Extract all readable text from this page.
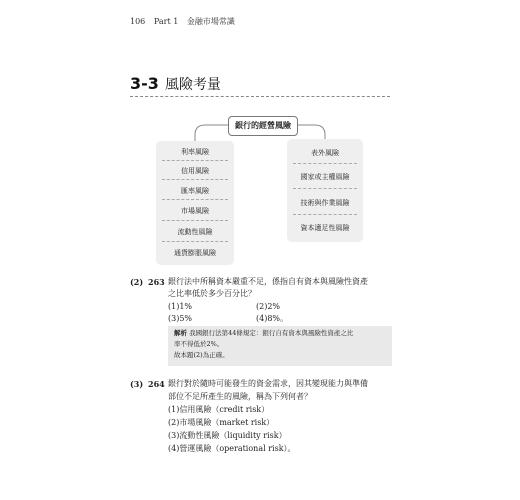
106 Part 1 金融市場常識
3-3 風險考量
銀行的經營風險
利率風險
信用風險
匯率風險
市場風險
流動性風險
通貨膨脹風險
表外風險
國家或主權風險
技術與作業風險
資本適足性風險
(2) 263 銀行法中所稱資本嚴重不足，係指自有資本與風險性資產
之比率低於多少百分比？
(1)1%	(2)2%
(3)5%	(4)8%。
解析 我國銀行法第44條規定：銀行自有資本與風險性資產之比
率不得低於2%。
故本題(2)為正確。
(3) 264 銀行對於隨時可能發生的資金需求，因其變現能力與準備
部位不足所產生的風險，稱為下列何者？
(1)信用風險（credit risk）
(2)市場風險（market risk）
(3)流動性風險（liquidity risk）
(4)營運風險（operational risk）。
